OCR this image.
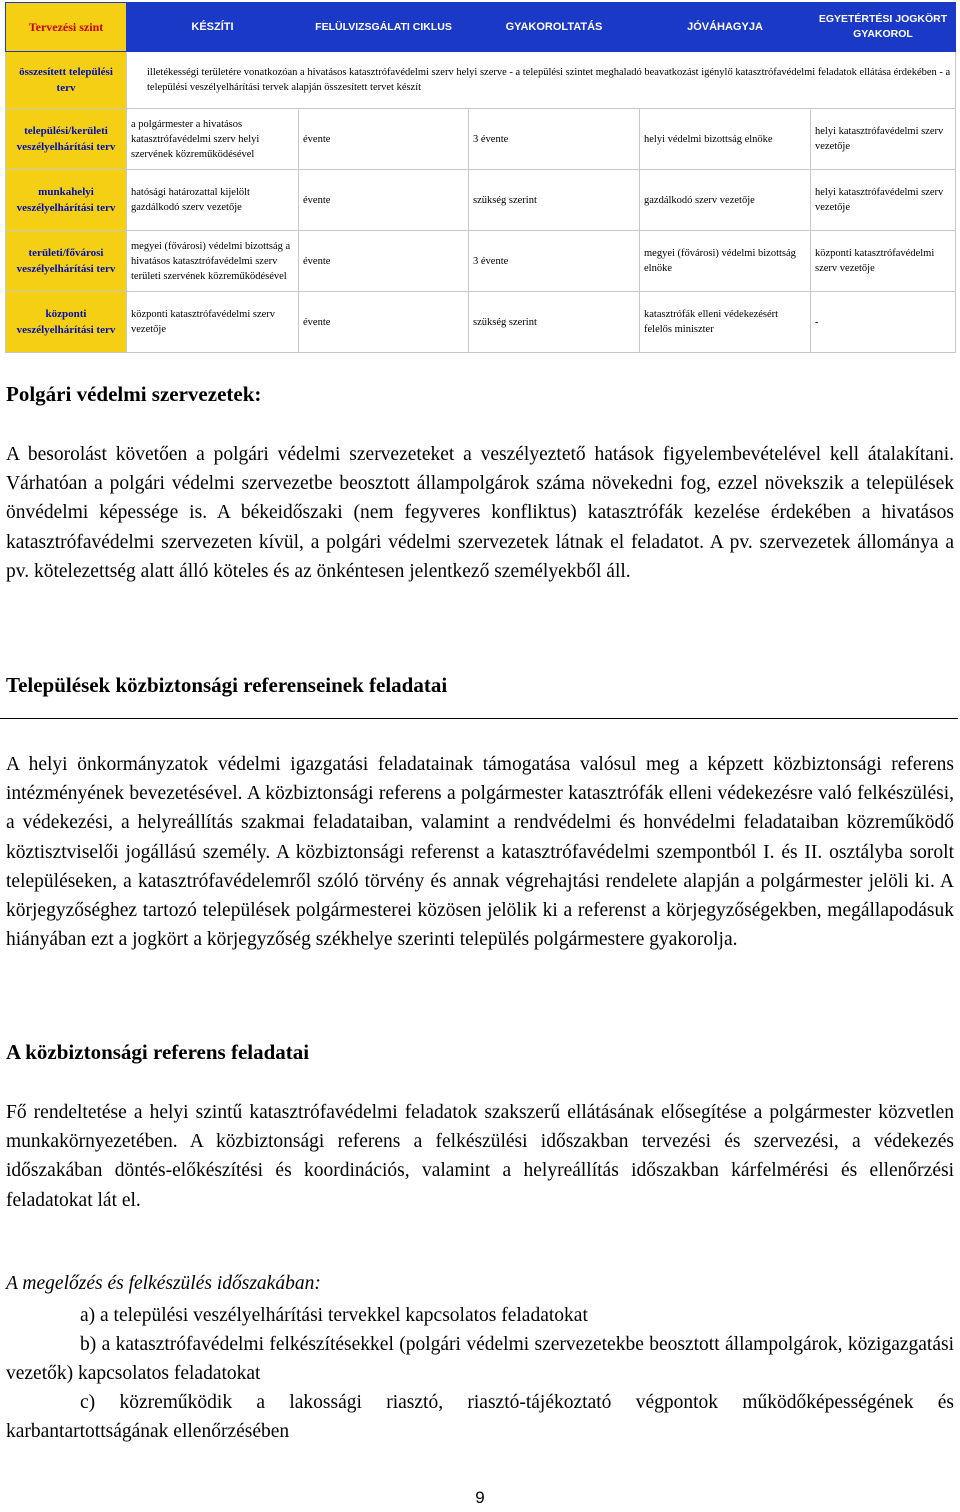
Tervezési szint	KÉSZÍTI	FELÜLVIZSGÁLATI CIKLUS	GYAKOROLTATÁS	JÓVÁHAGYJA	EGYETÉRTÉSI JOGKÖRT GYAKOROL
összesített települési terv	illetékességi területére vonatkozóan a hivatásos katasztrófavédelmi szerv helyi szerve - a települési szintet meghaladó beavatkozást igénylő katasztrófavédelmi feladatok ellátása érdekében - a települési veszélyelhárítási tervek alapján összesített tervet készít				
települési/kerületi veszélyelhárítási terv	a polgármester a hivatásos katasztrófavédelmi szerv helyi szervének közreműködésével	évente	3 évente	helyi védelmi bizottság elnöke	helyi katasztrófavédelmi szerv vezetője
munkahelyi veszélyelhárítási terv	hatósági határozattal kijelölt gazdálkodó szerv vezetője	évente	szükség szerint	gazdálkodó szerv vezetője	helyi katasztrófavédelmi szerv vezetője
területi/fővárosi veszélyelhárítási terv	megyei (fővárosi) védelmi bizottság a hivatásos katasztrófavédelmi szerv területi szervének közreműködésével	évente	3 évente	megyei (fővárosi) védelmi bizottság elnöke	központi katasztrófavédelmi szerv vezetője
központi veszélyelhárítási terv	központi katasztrófavédelmi szerv vezetője	évente	szükség szerint	katasztrófák elleni védekezésért felelős miniszter	-
Polgári védelmi szervezetek:
A besorolást követően a polgári védelmi szervezeteket a veszélyeztető hatások figyelembevételével kell átalakítani. Várhatóan a polgári védelmi szervezetbe beosztott állampolgárok száma növekedni fog, ezzel növekszik a települések önvédelmi képessége is. A békeidőszaki (nem fegyveres konfliktus) katasztrófák kezelése érdekében a hivatásos katasztrófavédelmi szervezeten kívül, a polgári védelmi szervezetek látnak el feladatot. A pv. szervezetek állománya a pv. kötelezettség alatt álló köteles és az önkéntesen jelentkező személyekből áll.
Települések közbiztonsági referenseinek feladatai
A helyi önkormányzatok védelmi igazgatási feladatainak támogatása valósul meg a képzett közbiztonsági referens intézményének bevezetésével. A közbiztonsági referens a polgármester katasztrófák elleni védekezésre való felkészülési, a védekezési, a helyreállítás szakmai feladataiban, valamint a rendvédelmi és honvédelmi feladataiban közreműködő köztisztviselői jogállású személy. A közbiztonsági referenst a katasztrófavédelmi szempontból I. és II. osztályba sorolt településeken, a katasztrófavédelemről szóló törvény és annak végrehajtási rendelete alapján a polgármester jelöli ki. A körjegyzőséghez tartozó települések polgármesterei közösen jelölik ki a referenst a körjegyzőségekben, megállapodásuk hiányában ezt a jogkört a körjegyzőség székhelye szerinti település polgármestere gyakorolja.
A közbiztonsági referens feladatai
Fő rendeltetése a helyi szintű katasztrófavédelmi feladatok szakszerű ellátásának elősegítése a polgármester közvetlen munkakörnyezetében. A közbiztonsági referens a felkészülési időszakban tervezési és szervezési, a védekezés időszakában döntés-előkészítési és koordinációs, valamint a helyreállítás időszakban kárfelmérési és ellenőrzési feladatokat lát el.
A megelőzés és felkészülés időszakában:
a) a települési veszélyelhárítási tervekkel kapcsolatos feladatokat
b) a katasztrófavédelmi felkészítésekkel (polgári védelmi szervezetekbe beosztott állampolgárok, közigazgatási vezetők) kapcsolatos feladatokat
c) közreműködik a lakossági riasztó, riasztó-tájékoztató végpontok működőképességének és karbantartottságának ellenőrzésében
9
